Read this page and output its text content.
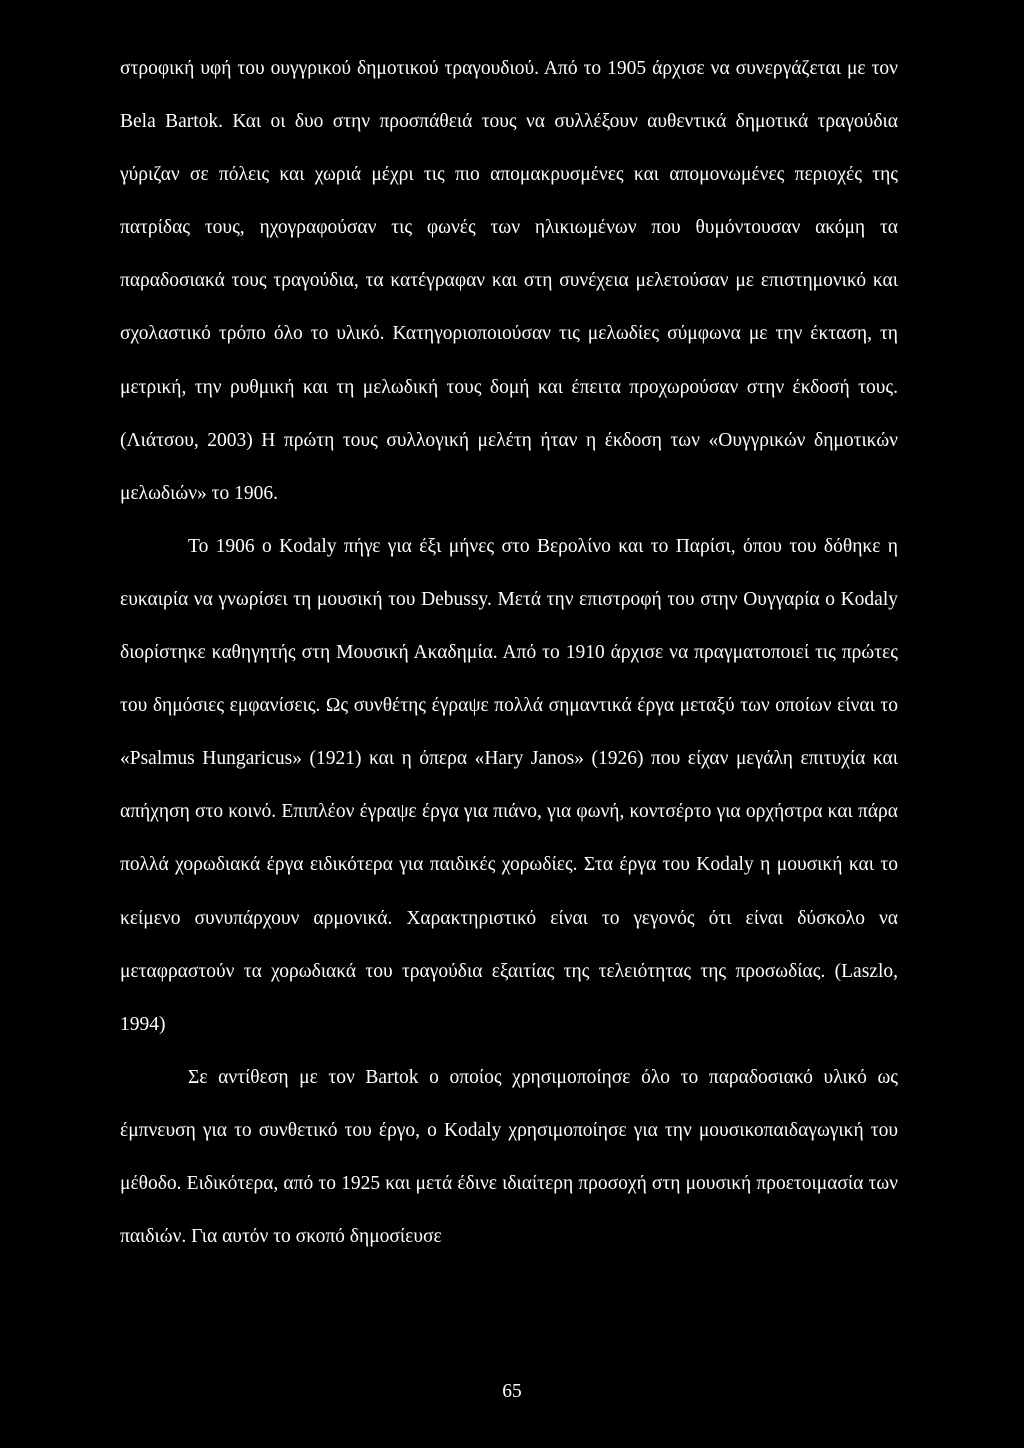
στροφική υφή του ουγγρικού δημοτικού τραγουδιού. Από το 1905 άρχισε να συνεργάζεται με τον Bela Bartok. Και οι δυο στην προσπάθειά τους να συλλέξουν αυθεντικά δημοτικά τραγούδια γύριζαν σε πόλεις και χωριά μέχρι τις πιο απομακρυσμένες και απομονωμένες περιοχές της πατρίδας τους, ηχογραφούσαν τις φωνές των ηλικιωμένων που θυμόντουσαν ακόμη τα παραδοσιακά τους τραγούδια, τα κατέγραφαν και στη συνέχεια μελετούσαν με επιστημονικό και σχολαστικό τρόπο όλο το υλικό. Κατηγοριοποιούσαν τις μελωδίες σύμφωνα με την έκταση, τη μετρική, την ρυθμική και τη μελωδική τους δομή και έπειτα προχωρούσαν στην έκδοσή τους. (Λιάτσου, 2003) Η πρώτη τους συλλογική μελέτη ήταν η έκδοση των «Ουγγρικών δημοτικών μελωδιών» το 1906.

Το 1906 ο Kodaly πήγε για έξι μήνες στο Βερολίνο και το Παρίσι, όπου του δόθηκε η ευκαιρία να γνωρίσει τη μουσική του Debussy. Μετά την επιστροφή του στην Ουγγαρία ο Kodaly διορίστηκε καθηγητής στη Μουσική Ακαδημία. Από το 1910 άρχισε να πραγματοποιεί τις πρώτες του δημόσιες εμφανίσεις. Ως συνθέτης έγραψε πολλά σημαντικά έργα μεταξύ των οποίων είναι το «Psalmus Hungaricus» (1921) και η όπερα «Hary Janos» (1926) που είχαν μεγάλη επιτυχία και απήχηση στο κοινό. Επιπλέον έγραψε έργα για πιάνο, για φωνή, κοντσέρτο για ορχήστρα και πάρα πολλά χορωδιακά έργα ειδικότερα για παιδικές χορωδίες. Στα έργα του Kodaly η μουσική και το κείμενο συνυπάρχουν αρμονικά. Χαρακτηριστικό είναι το γεγονός ότι είναι δύσκολο να μεταφραστούν τα χορωδιακά του τραγούδια εξαιτίας της τελειότητας της προσωδίας. (Laszlo, 1994)

Σε αντίθεση με τον Bartok ο οποίος χρησιμοποίησε όλο το παραδοσιακό υλικό ως έμπνευση για το συνθετικό του έργο, ο Kodaly χρησιμοποίησε για την μουσικοπαιδαγωγική του μέθοδο. Ειδικότερα, από το 1925 και μετά έδινε ιδιαίτερη προσοχή στη μουσική προετοιμασία των παιδιών. Για αυτόν το σκοπό δημοσίευσε

65
